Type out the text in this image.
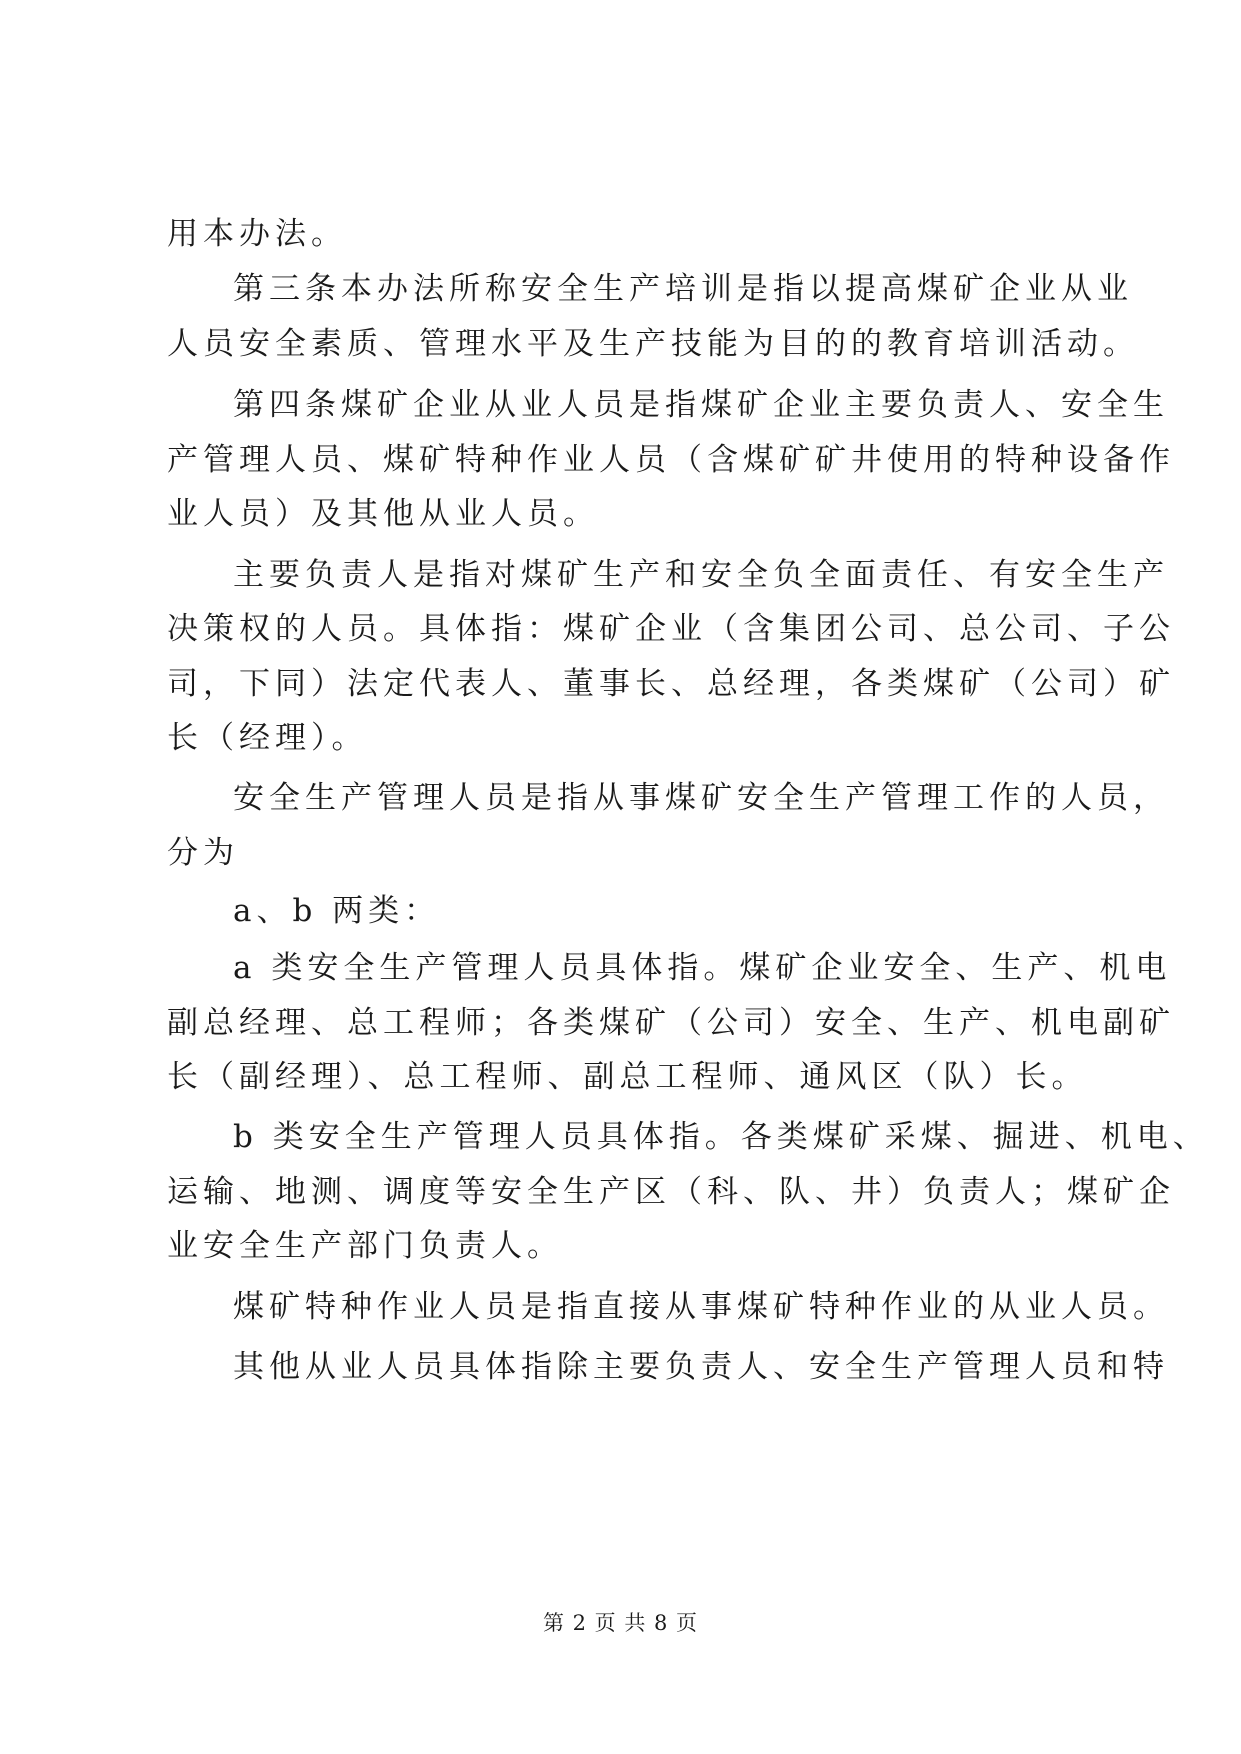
用本办法。
第三条本办法所称安全生产培训是指以提高煤矿企业从业
人员安全素质、管理水平及生产技能为目的的教育培训活动。
第四条煤矿企业从业人员是指煤矿企业主要负责人、安全生
产管理人员、煤矿特种作业人员（含煤矿矿井使用的特种设备作
业人员）及其他从业人员。
主要负责人是指对煤矿生产和安全负全面责任、有安全生产
决策权的人员。具体指：煤矿企业（含集团公司、总公司、子公
司，下同）法定代表人、董事长、总经理，各类煤矿（公司）矿
长（经理）。
安全生产管理人员是指从事煤矿安全生产管理工作的人员，
分为
a、b 两类：
a 类安全生产管理人员具体指。煤矿企业安全、生产、机电
副总经理、总工程师；各类煤矿（公司）安全、生产、机电副矿
长（副经理）、总工程师、副总工程师、通风区（队）长。
b 类安全生产管理人员具体指。各类煤矿采煤、掘进、机电、
运输、地测、调度等安全生产区（科、队、井）负责人；煤矿企
业安全生产部门负责人。
煤矿特种作业人员是指直接从事煤矿特种作业的从业人员。
其他从业人员具体指除主要负责人、安全生产管理人员和特
第 2 页 共 8 页
